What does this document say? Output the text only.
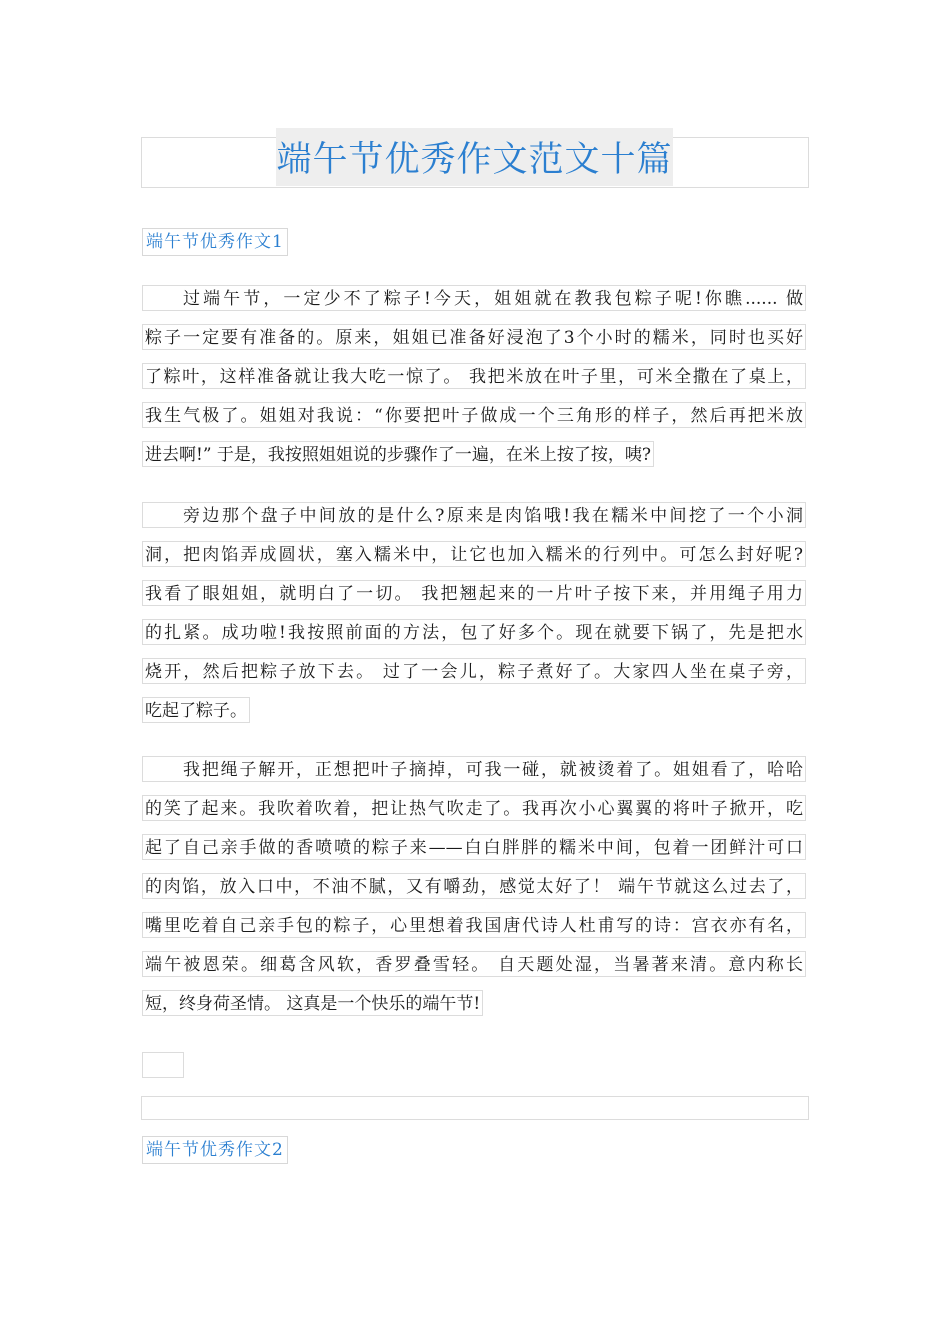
端午节优秀作文范文十篇
端午节优秀作文1
过端午节，一定少不了粽子!今天，姐姐就在教我包粽子呢!你瞧...... 做
粽子一定要有准备的。原来，姐姐已准备好浸泡了3个小时的糯米，同时也买好
了粽叶，这样准备就让我大吃一惊了。 我把米放在叶子里，可米全撒在了桌上，
我生气极了。姐姐对我说：“你要把叶子做成一个三角形的样子，然后再把米放
进去啊!” 于是，我按照姐姐说的步骤作了一遍，在米上按了按，咦?
旁边那个盘子中间放的是什么?原来是肉馅哦!我在糯米中间挖了一个小洞
洞，把肉馅弄成圆状，塞入糯米中，让它也加入糯米的行列中。可怎么封好呢?
我看了眼姐姐，就明白了一切。 我把翘起来的一片叶子按下来，并用绳子用力
的扎紧。成功啦!我按照前面的方法，包了好多个。现在就要下锅了，先是把水
烧开，然后把粽子放下去。 过了一会儿，粽子煮好了。大家四人坐在桌子旁，
吃起了粽子。
我把绳子解开，正想把叶子摘掉，可我一碰，就被烫着了。姐姐看了，哈哈
的笑了起来。我吹着吹着，把让热气吹走了。我再次小心翼翼的将叶子掀开，吃
起了自己亲手做的香喷喷的粽子来——白白胖胖的糯米中间，包着一团鲜汁可口
的肉馅，放入口中，不油不腻，又有嚼劲，感觉太好了！ 端午节就这么过去了，
嘴里吃着自己亲手包的粽子，心里想着我国唐代诗人杜甫写的诗：宫衣亦有名，
端午被恩荣。细葛含风软，香罗叠雪轻。 自天题处湿，当暑著来清。意内称长
短，终身荷圣情。 这真是一个快乐的端午节!
端午节优秀作文2
